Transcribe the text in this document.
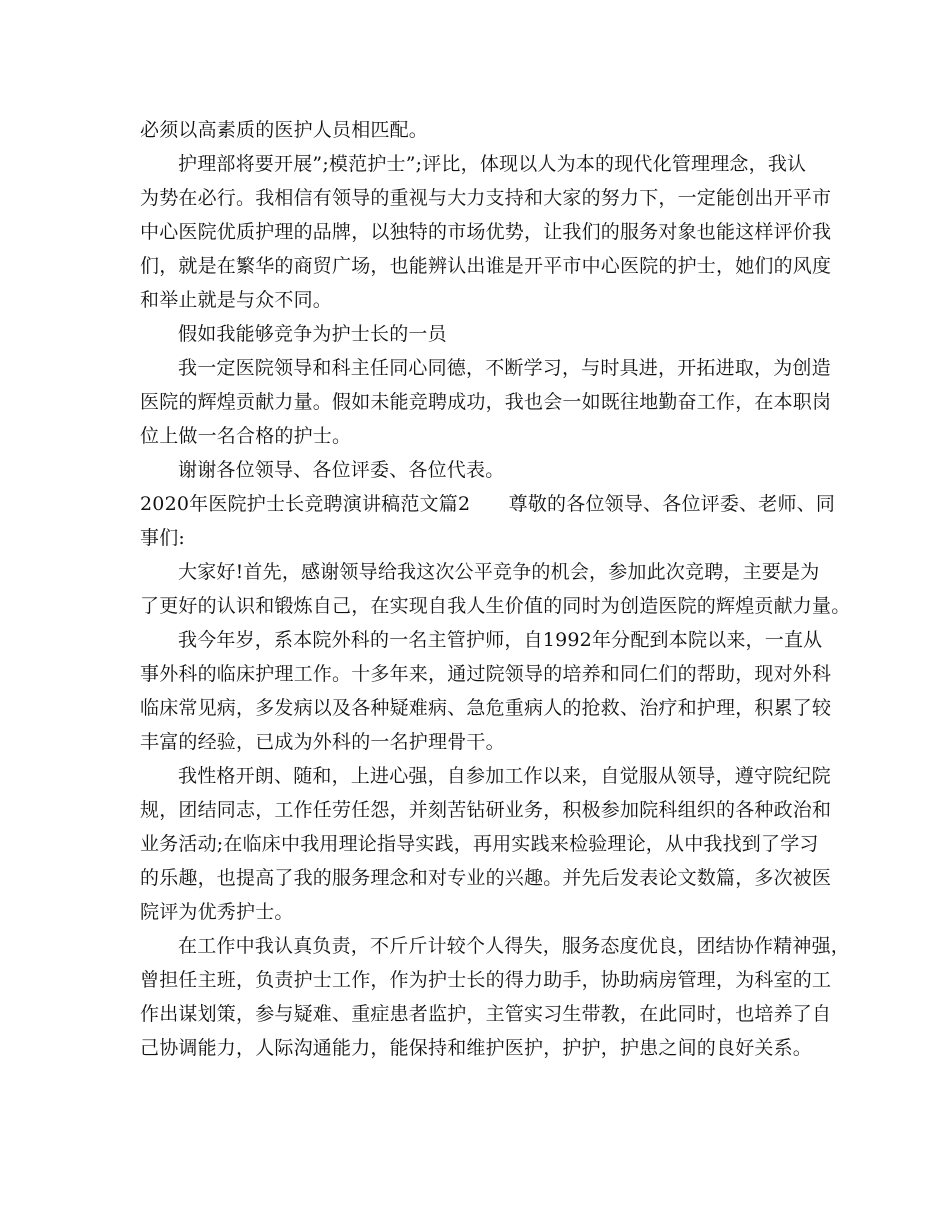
必须以高素质的医护人员相匹配。
护理部将要开展”;模范护士”;评比，体现以人为本的现代化管理理念，我认
为势在必行。我相信有领导的重视与大力支持和大家的努力下，一定能创出开平市
中心医院优质护理的品牌，以独特的市场优势，让我们的服务对象也能这样评价我
们，就是在繁华的商贸广场，也能辨认出谁是开平市中心医院的护士，她们的风度
和举止就是与众不同。
假如我能够竞争为护士长的一员
我一定医院领导和科主任同心同德，不断学习，与时具进，开拓进取，为创造
医院的辉煌贡献力量。假如未能竞聘成功，我也会一如既往地勤奋工作，在本职岗
位上做一名合格的护士。
谢谢各位领导、各位评委、各位代表。
2020年医院护士长竞聘演讲稿范文篇2　　尊敬的各位领导、各位评委、老师、同
事们:
大家好!首先，感谢领导给我这次公平竞争的机会，参加此次竞聘，主要是为
了更好的认识和锻炼自己，在实现自我人生价值的同时为创造医院的辉煌贡献力量。
我今年岁，系本院外科的一名主管护师，自1992年分配到本院以来，一直从
事外科的临床护理工作。十多年来，通过院领导的培养和同仁们的帮助，现对外科
临床常见病，多发病以及各种疑难病、急危重病人的抢救、治疗和护理，积累了较
丰富的经验，已成为外科的一名护理骨干。
我性格开朗、随和，上进心强，自参加工作以来，自觉服从领导，遵守院纪院
规，团结同志，工作任劳任怨，并刻苦钻研业务，积极参加院科组织的各种政治和
业务活动;在临床中我用理论指导实践，再用实践来检验理论，从中我找到了学习
的乐趣，也提高了我的服务理念和对专业的兴趣。并先后发表论文数篇，多次被医
院评为优秀护士。
在工作中我认真负责，不斤斤计较个人得失，服务态度优良，团结协作精神强，
曾担任主班，负责护士工作，作为护士长的得力助手，协助病房管理，为科室的工
作出谋划策，参与疑难、重症患者监护，主管实习生带教，在此同时，也培养了自
己协调能力，人际沟通能力，能保持和维护医护，护护，护患之间的良好关系。
